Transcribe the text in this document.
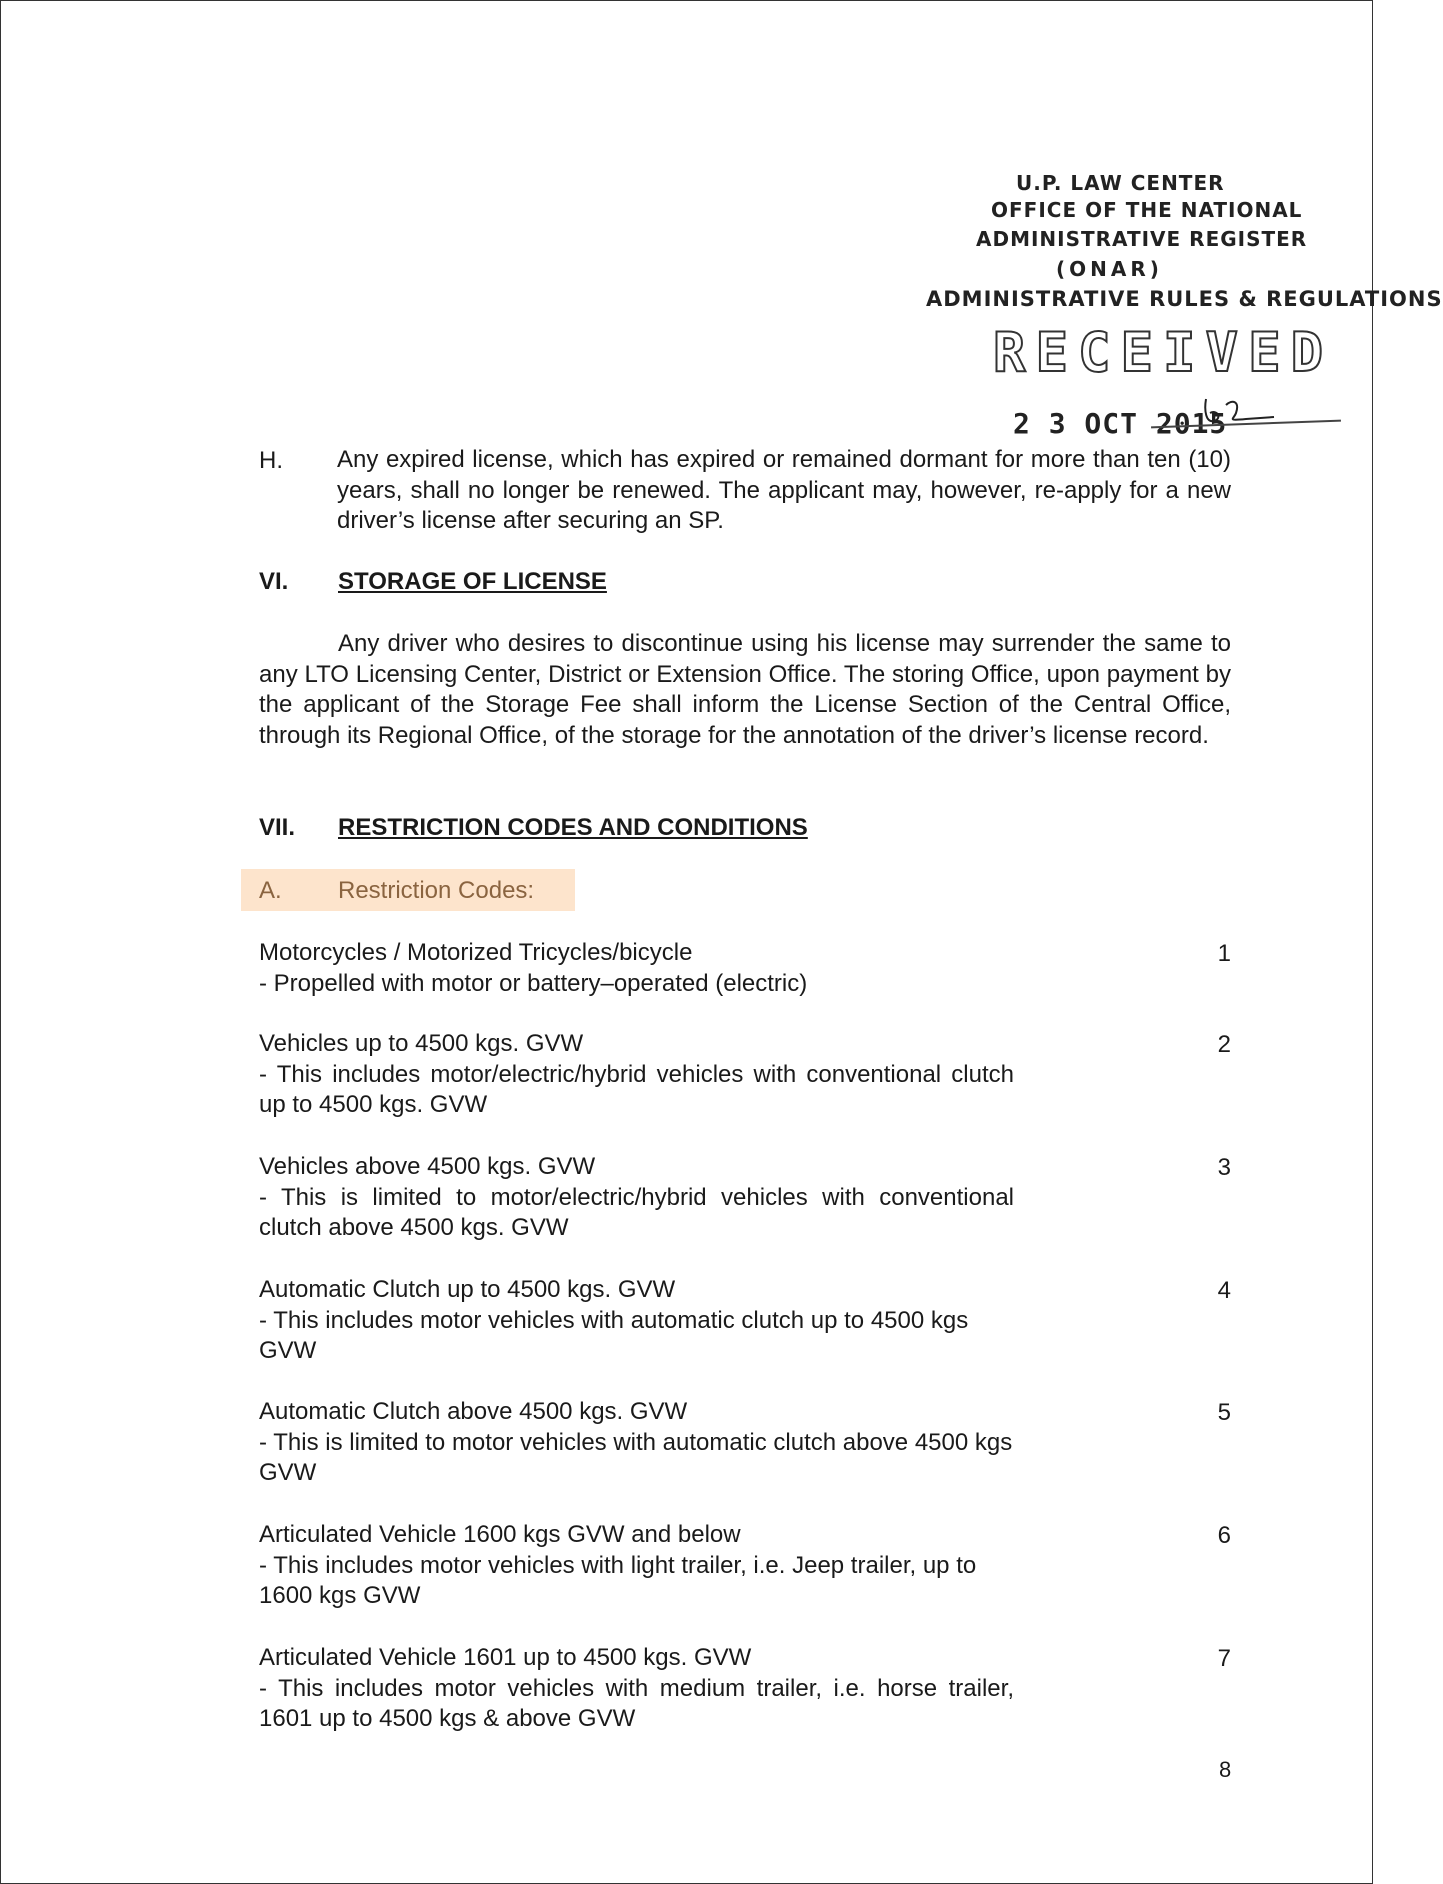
U.P. LAW CENTER
OFFICE OF THE NATIONAL
ADMINISTRATIVE REGISTER
(ONAR)
ADMINISTRATIVE RULES & REGULATIONS
RECEIVED
2 3 OCT 2015
H. Any expired license, which has expired or remained dormant for more than ten (10) years, shall no longer be renewed. The applicant may, however, re-apply for a new driver’s license after securing an SP.
VI. STORAGE OF LICENSE
Any driver who desires to discontinue using his license may surrender the same to any LTO Licensing Center, District or Extension Office. The storing Office, upon payment by the applicant of the Storage Fee shall inform the License Section of the Central Office, through its Regional Office, of the storage for the annotation of the driver’s license record.
VII. RESTRICTION CODES AND CONDITIONS
A. Restriction Codes:
Motorcycles / Motorized Tricycles/bicycle
- Propelled with motor or battery–operated (electric)
1
Vehicles up to 4500 kgs. GVW
- This includes motor/electric/hybrid vehicles with conventional clutch up to 4500 kgs. GVW
2
Vehicles above 4500 kgs. GVW
- This is limited to motor/electric/hybrid vehicles with conventional clutch above 4500 kgs. GVW
3
Automatic Clutch up to 4500 kgs. GVW
- This includes motor vehicles with automatic clutch up to 4500 kgs GVW
4
Automatic Clutch above 4500 kgs. GVW
- This is limited to motor vehicles with automatic clutch above 4500 kgs GVW
5
Articulated Vehicle 1600 kgs GVW and below
- This includes motor vehicles with light trailer, i.e. Jeep trailer, up to 1600 kgs GVW
6
Articulated Vehicle 1601 up to 4500 kgs. GVW
- This includes motor vehicles with medium trailer, i.e. horse trailer, 1601 up to 4500 kgs & above GVW
7
8
